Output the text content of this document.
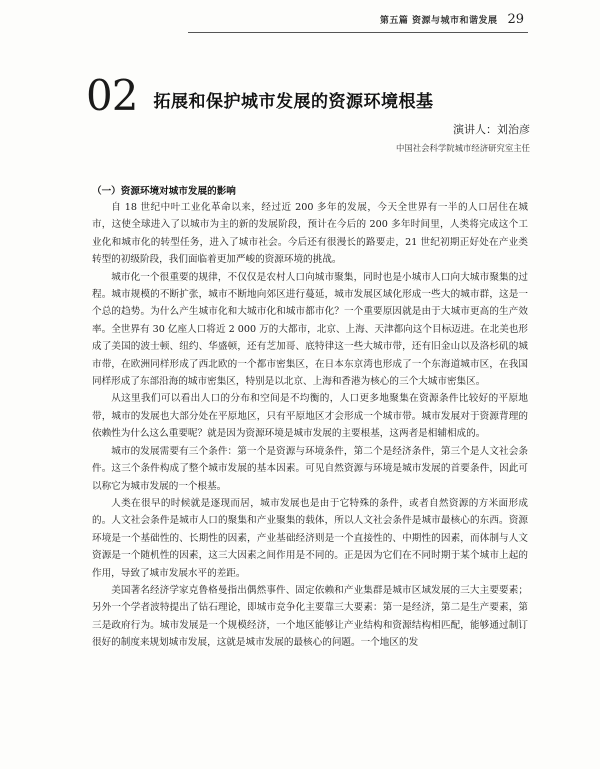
第五篇 资源与城市和谐发展 29
02 拓展和保护城市发展的资源环境根基
演讲人：刘治彦
中国社会科学院城市经济研究室主任
（一）资源环境对城市发展的影响

自 18 世纪中叶工业化革命以来，经过近 200 多年的发展，今天全世界有一半的人口居住在城市，这使全球进入了以城市为主的新的发展阶段，预计在今后的 200 多年时间里，人类将完成这个工业化和城市化的转型任务，进入了城市社会。今后还有很漫长的路要走，21 世纪初期正好处在产业类转型的初级阶段，我们面临着更加严峻的资源环境的挑战。

城市化一个很重要的规律，不仅仅是农村人口向城市聚集，同时也是小城市人口向大城市聚集的过程。城市规模的不断扩张，城市不断地向郊区进行蔓延，城市发展区域化形成一些大的城市群，这是一个总的趋势。为什么产生城市化和大城市化和城市都市化？一个重要原因就是由于大城市更高的生产效率。全世界有 30 亿座人口将近 2 000 万的大都市，北京、上海、天津都向这个目标迈进。在北美也形成了美国的波士顿、纽约、华盛顿，还有芝加哥、底特律这一些大城市带，还有旧金山以及洛杉矶的城市带，在欧洲同样形成了西北欧的一个都市密集区，在日本东京湾也形成了一个东海道城市区，在我国同样形成了东部沿海的城市密集区，特别是以北京、上海和香港为核心的三个大城市密集区。

从这里我们可以看出人口的分布和空间是不均衡的，人口更多地聚集在资源条件比较好的平原地带，城市的发展也大部分处在平原地区，只有平原地区才会形成一个城市带。城市发展对于资源背理的依赖性为什么这么重要呢？就是因为资源环境是城市发展的主要根基，这两者是相辅相成的。

城市的发展需要有三个条件：第一个是资源与环境条件，第二个是经济条件，第三个是人文社会条件。这三个条件构成了整个城市发展的基本因素。可见自然资源与环境是城市发展的首要条件，因此可以称它为城市发展的一个根基。

人类在很早的时候就是逐现而居，城市发展也是由于它特殊的条件，或者自然资源的方米面形成的。人文社会条件是城市人口的聚集和产业聚集的载体，所以人文社会条件是城市最核心的东西。资源环境是一个基础性的、长期性的因素，产业基础经济则是一个直接性的、中期性的因素，而体制与人文资源是一个随机性的因素，这三大因素之间作用是不同的。正是因为它们在不同时期于某个城市上起的作用，导致了城市发展水平的差距。

美国著名经济学家克鲁格曼指出偶然事件、固定依赖和产业集群是城市区域发展的三大主要要素；另外一个学者波特提出了钻石理论，即城市竞争化主要靠三大要素：第一是经济，第二是生产要素，第三是政府行为。城市发展是一个规模经济，一个地区能够让产业结构和资源结构相匹配，能够通过制订很好的制度来规划城市发展，这就是城市发展的最核心的问题。一个地区的发
